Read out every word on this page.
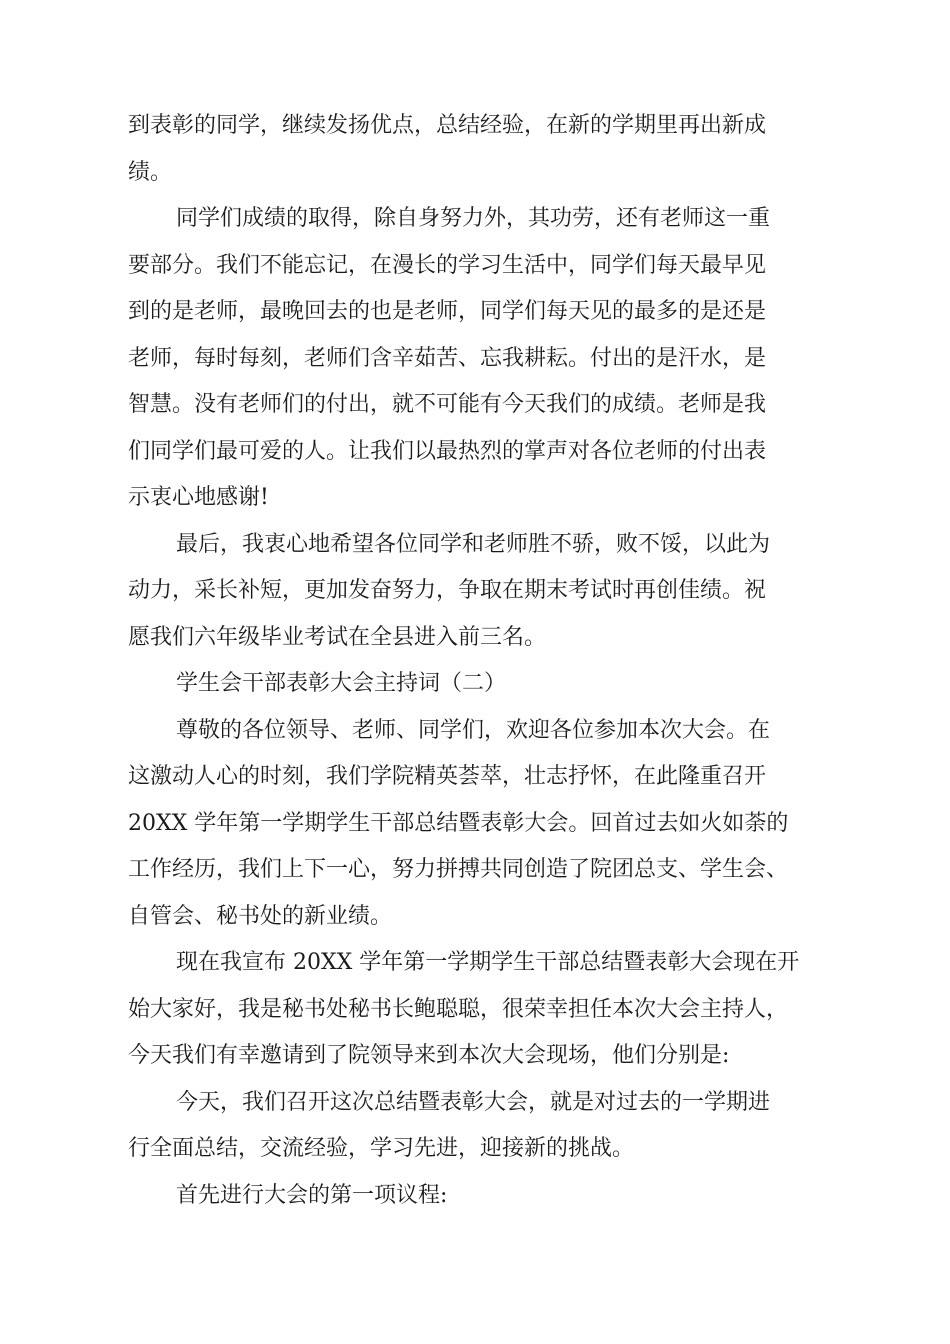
到表彰的同学，继续发扬优点，总结经验，在新的学期里再出新成
绩。
同学们成绩的取得，除自身努力外，其功劳，还有老师这一重
要部分。我们不能忘记，在漫长的学习生活中，同学们每天最早见
到的是老师，最晚回去的也是老师，同学们每天见的最多的是还是
老师，每时每刻，老师们含辛茹苦、忘我耕耘。付出的是汗水，是
智慧。没有老师们的付出，就不可能有今天我们的成绩。老师是我
们同学们最可爱的人。让我们以最热烈的掌声对各位老师的付出表
示衷心地感谢!
最后，我衷心地希望各位同学和老师胜不骄，败不馁，以此为
动力，采长补短，更加发奋努力，争取在期末考试时再创佳绩。祝
愿我们六年级毕业考试在全县进入前三名。
学生会干部表彰大会主持词（二）
尊敬的各位领导、老师、同学们，欢迎各位参加本次大会。在
这激动人心的时刻，我们学院精英荟萃，壮志抒怀，在此隆重召开
20XX 学年第一学期学生干部总结暨表彰大会。回首过去如火如荼的
工作经历，我们上下一心，努力拼搏共同创造了院团总支、学生会、
自管会、秘书处的新业绩。
现在我宣布 20XX 学年第一学期学生干部总结暨表彰大会现在开
始大家好，我是秘书处秘书长鲍聪聪，很荣幸担任本次大会主持人，
今天我们有幸邀请到了院领导来到本次大会现场，他们分别是:
今天，我们召开这次总结暨表彰大会，就是对过去的一学期进
行全面总结，交流经验，学习先进，迎接新的挑战。
首先进行大会的第一项议程:
